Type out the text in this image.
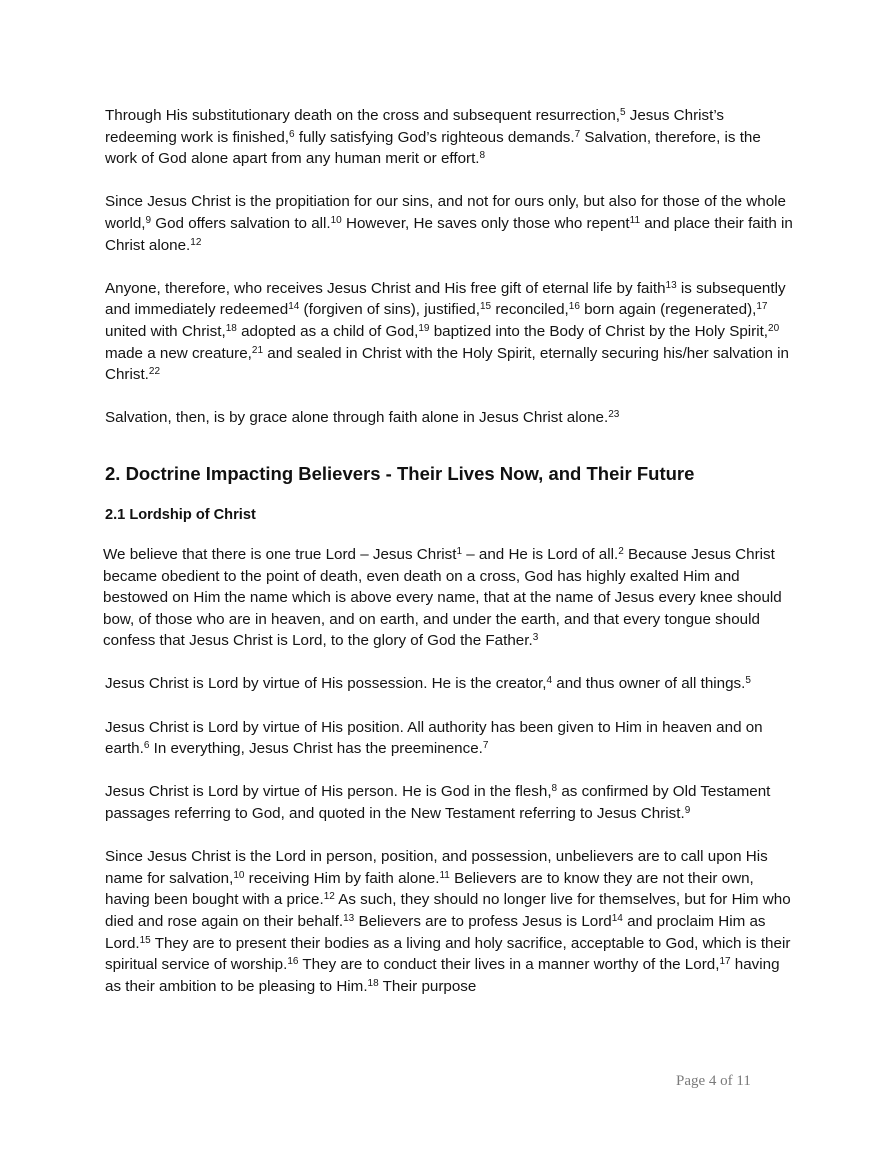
Through His substitutionary death on the cross and subsequent resurrection,$^5$ Jesus Christ’s redeeming work is finished,$^6$ fully satisfying God’s righteous demands.$^7$ Salvation, therefore, is the work of God alone apart from any human merit or effort.$^8$

Since Jesus Christ is the propitiation for our sins, and not for ours only, but also for those of the whole world,$^9$ God offers salvation to all.$^{10}$ However, He saves only those who repent$^{11}$ and place their faith in Christ alone.$^{12}$

Anyone, therefore, who receives Jesus Christ and His free gift of eternal life by faith$^{13}$ is subsequently and immediately redeemed$^{14}$ (forgiven of sins), justified,$^{15}$ reconciled,$^{16}$ born again (regenerated),$^{17}$ united with Christ,$^{18}$ adopted as a child of God,$^{19}$ baptized into the Body of Christ by the Holy Spirit,$^{20}$ made a new creature,$^{21}$ and sealed in Christ with the Holy Spirit, eternally securing his/her salvation in Christ.$^{22}$

Salvation, then, is by grace alone through faith alone in Jesus Christ alone.$^{23}$

2. Doctrine Impacting Believers - Their Lives Now, and Their Future
2.1 Lordship of Christ

We believe that there is one true Lord – Jesus Christ$^1$ – and He is Lord of all.$^2$ Because Jesus Christ became obedient to the point of death, even death on a cross, God has highly exalted Him and bestowed on Him the name which is above every name, that at the name of Jesus every knee should bow, of those who are in heaven, and on earth, and under the earth, and that every tongue should confess that Jesus Christ is Lord, to the glory of God the Father.$^3$

Jesus Christ is Lord by virtue of His possession. He is the creator,$^4$ and thus owner of all things.$^5$

Jesus Christ is Lord by virtue of His position. All authority has been given to Him in heaven and on earth.$^6$ In everything, Jesus Christ has the preeminence.$^7$

Jesus Christ is Lord by virtue of His person. He is God in the flesh,$^8$ as confirmed by Old Testament passages referring to God, and quoted in the New Testament referring to Jesus Christ.$^9$

Since Jesus Christ is the Lord in person, position, and possession, unbelievers are to call upon His name for salvation,$^{10}$ receiving Him by faith alone.$^{11}$ Believers are to know they are not their own, having been bought with a price.$^{12}$ As such, they should no longer live for themselves, but for Him who died and rose again on their behalf.$^{13}$ Believers are to profess Jesus is Lord$^{14}$ and proclaim Him as Lord.$^{15}$ They are to present their bodies as a living and holy sacrifice, acceptable to God, which is their spiritual service of worship.$^{16}$ They are to conduct their lives in a manner worthy of the Lord,$^{17}$ having as their ambition to be pleasing to Him.$^{18}$ Their purpose

Page 4 of 11
